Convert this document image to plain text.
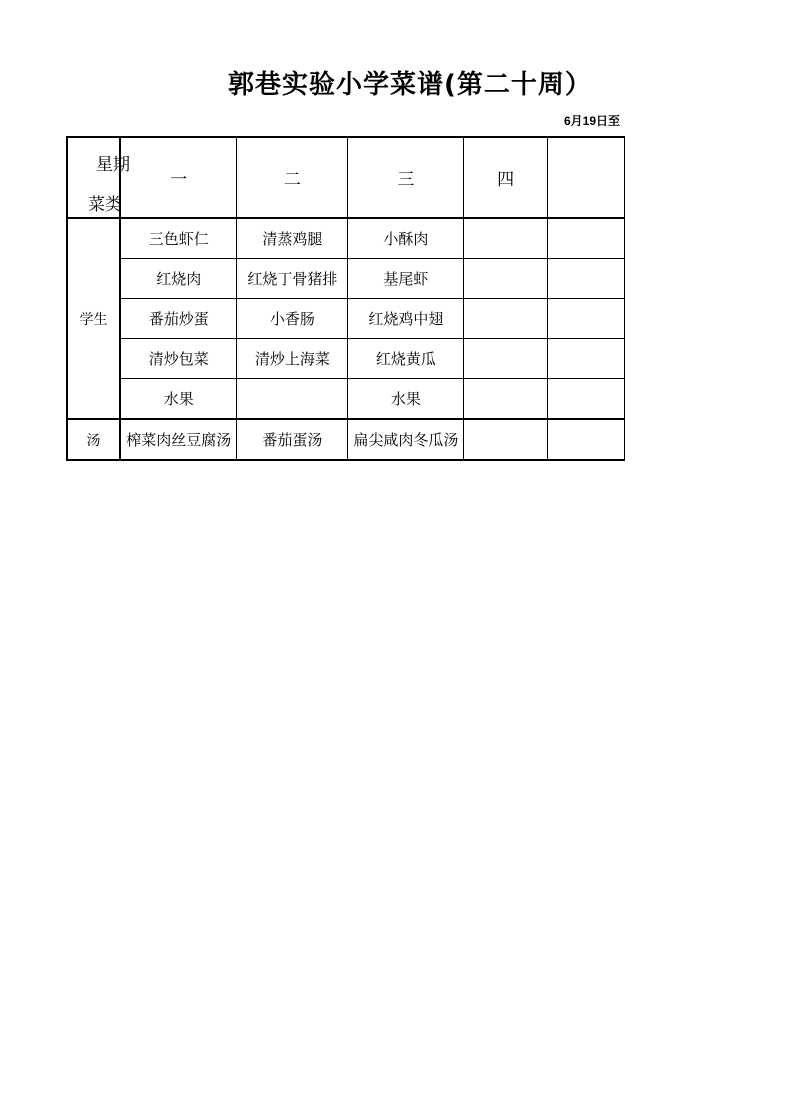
郭巷实验小学菜谱(第二十周）
6月19日至
星期
菜类	一	二	三	四	
学生	三色虾仁	清蒸鸡腿	小酥肉		
	红烧肉	红烧丁骨猪排	基尾虾		
	番茄炒蛋	小香肠	红烧鸡中翅		
	清炒包菜	清炒上海菜	红烧黄瓜		
	水果		水果		
汤	榨菜肉丝豆腐汤	番茄蛋汤	扁尖咸肉冬瓜汤		
